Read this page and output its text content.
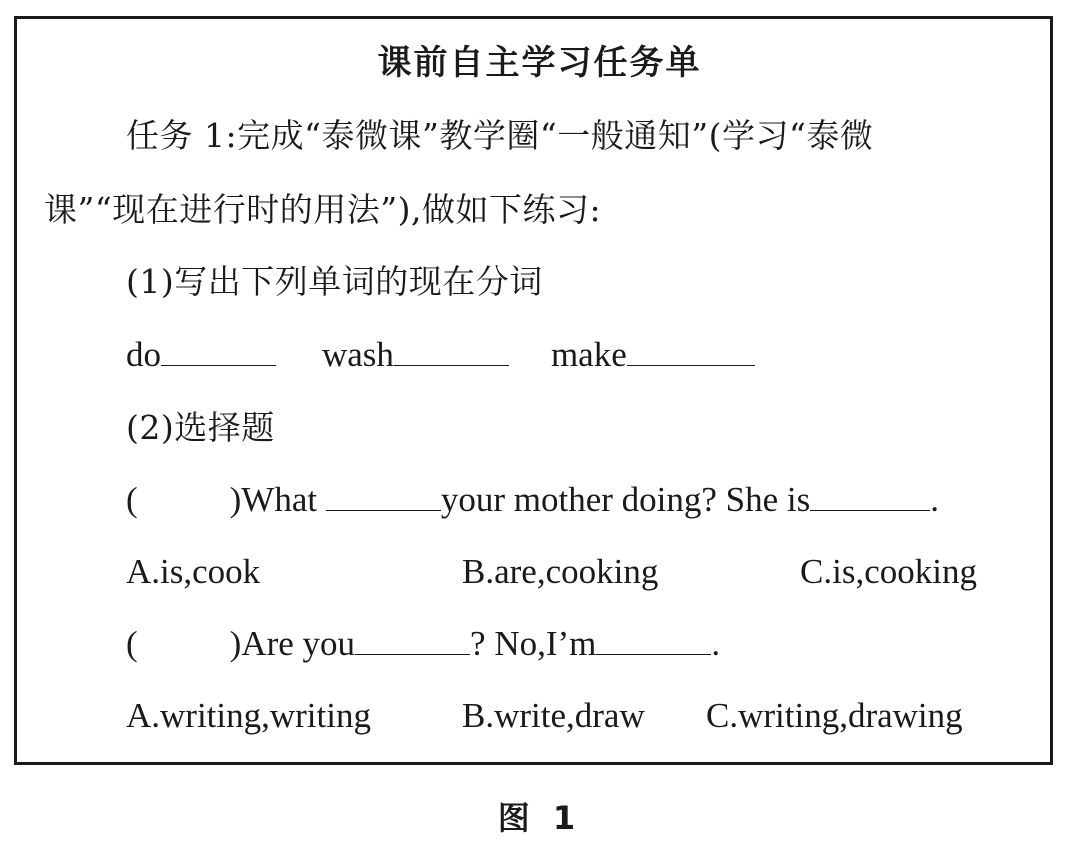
课前自主学习任务单
任务 1:完成“泰微课”教学圈“一般通知”(学习“泰微
课”“现在进行时的用法”),做如下练习:
(1)写出下列单词的现在分词
do	wash	make
(2)选择题
(	)What	your mother doing? She is	.
A.is,cook	B.are,cooking	C.is,cooking
(	)Are you	? No,I’m	.
A.writing,writing	B.write,draw C.writing,drawing
图 1
